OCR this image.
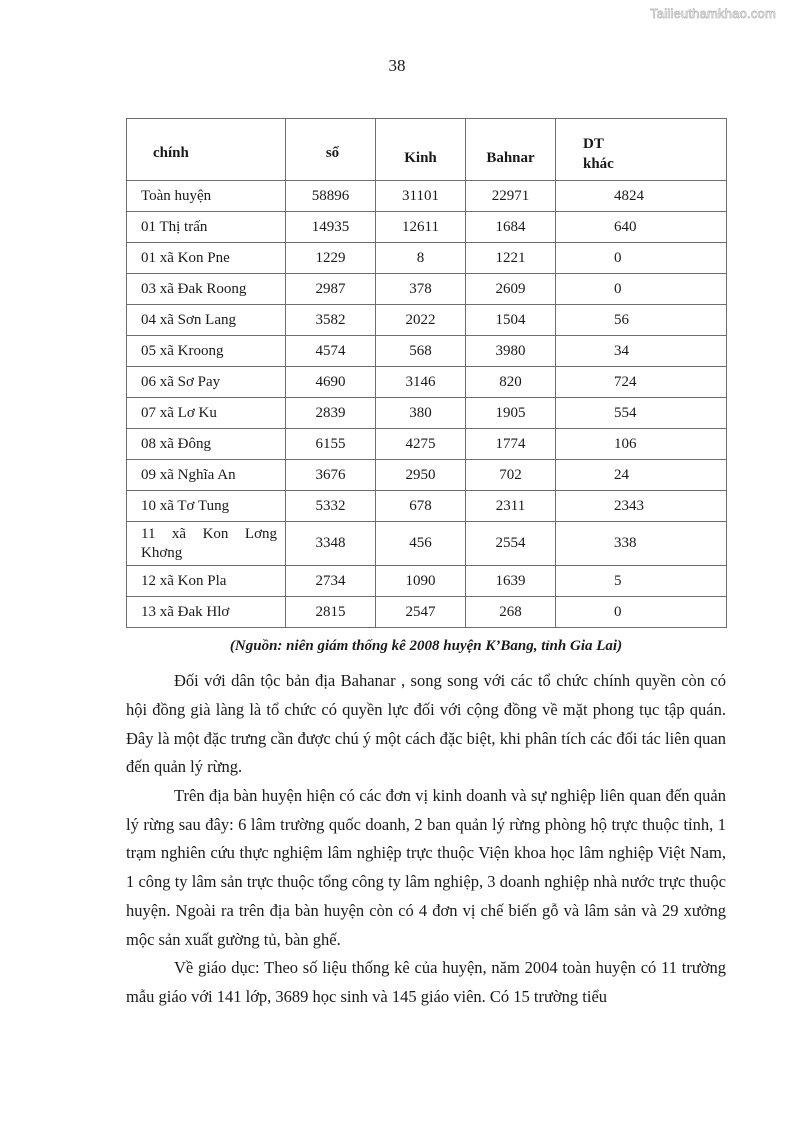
Tailieuthamkhao.com
38
chính	số	Kinh	Bahnar	DT
khác

Toàn huyện	58896	31101	22971	4824
01 Thị trấn	14935	12611	1684	640
01 xã Kon Pne	1229	8	1221	0
03 xã Đak Roong	2987	378	2609	0
04 xã Sơn Lang	3582	2022	1504	56
05 xã Kroong	4574	568	3980	34
06 xã Sơ Pay	4690	3146	820	724
07 xã Lơ Ku	2839	380	1905	554
08 xã Đông	6155	4275	1774	106
09 xã Nghĩa An	3676	2950	702	24
10 xã Tơ Tung	5332	678	2311	2343
11 xã Kon Lơng Khơng	3348	456	2554	338
12 xã Kon Pla	2734	1090	1639	5
13 xã Đak Hlơ	2815	2547	268	0
(Nguồn: niên giám thống kê 2008 huyện K’Bang, tỉnh Gia Lai)

Đối với dân tộc bản địa Bahanar , song song với các tổ chức chính quyền còn có hội đồng già làng là tổ chức có quyền lực đối với cộng đồng về mặt phong tục tập quán. Đây là một đặc trưng cần được chú ý một cách đặc biệt, khi phân tích các đối tác liên quan đến quản lý rừng.

Trên địa bàn huyện hiện có các đơn vị kinh doanh và sự nghiệp liên quan đến quản lý rừng sau đây: 6 lâm trường quốc doanh, 2 ban quản lý rừng phòng hộ trực thuộc tỉnh, 1 trạm nghiên cứu thực nghiệm lâm nghiệp trực thuộc Viện khoa học lâm nghiệp Việt Nam, 1 công ty lâm sản trực thuộc tổng công ty lâm nghiệp, 3 doanh nghiệp nhà nước trực thuộc huyện. Ngoài ra trên địa bàn huyện còn có 4 đơn vị chế biến gỗ và lâm sản và 29 xưởng mộc sản xuất gường tủ, bàn ghế.

Về giáo dục: Theo số liệu thống kê của huyện, năm 2004 toàn huyện có 11 trường mẫu giáo với 141 lớp, 3689 học sinh và 145 giáo viên. Có 15 trường tiểu
